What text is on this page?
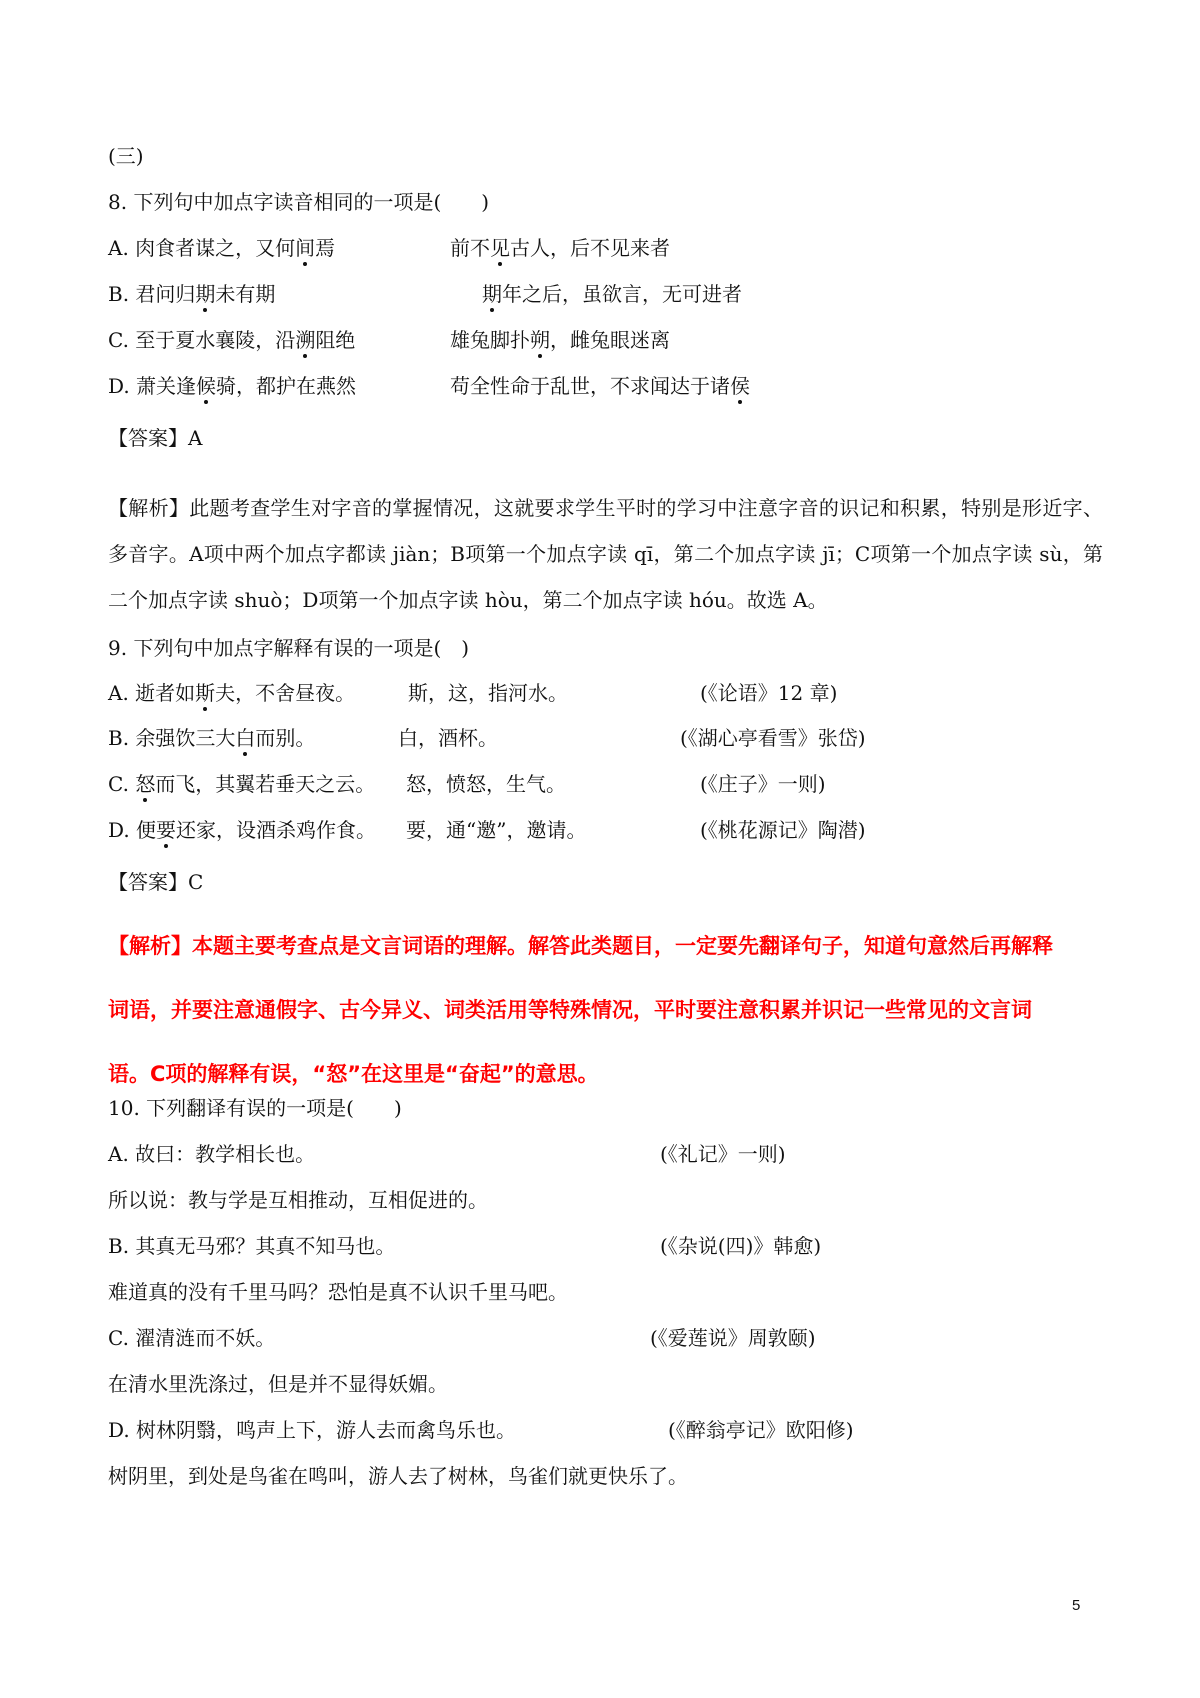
(三)
8. 下列句中加点字读音相同的一项是(　　)
A. 肉食者谋之，又何间焉	前不见古人，后不见来者
B. 君问归期未有期	期年之后，虽欲言，无可进者
C. 至于夏水襄陵，沿溯阻绝	雄兔脚扑朔，雌兔眼迷离
D. 萧关逢候骑，都护在燕然	苟全性命于乱世，不求闻达于诸侯
【答案】A
【解析】此题考查学生对字音的掌握情况，这就要求学生平时的学习中注意字音的识记和积累，特别是形近字、多音字。A项中两个加点字都读 jiàn；B项第一个加点字读 qī，第二个加点字读 jī；C项第一个加点字读 sù，第二个加点字读 shuò；D项第一个加点字读 hòu，第二个加点字读 hóu。故选 A。
9. 下列句中加点字解释有误的一项是(　)
A. 逝者如斯夫，不舍昼夜。	斯，这，指河水。	(《论语》12 章)
B. 余强饮三大白而别。	白，酒杯。	(《湖心亭看雪》张岱)
C. 怒而飞，其翼若垂天之云。 怒，愤怒，生气。	(《庄子》一则)
D. 便要还家，设酒杀鸡作食。 要，通“邀”，邀请。	(《桃花源记》陶潜)
【答案】C
【解析】本题主要考查点是文言词语的理解。解答此类题目，一定要先翻译句子，知道句意然后再解释词语，并要注意通假字、古今异义、词类活用等特殊情况，平时要注意积累并识记一些常见的文言词语。C项的解释有误，“怒”在这里是“奋起”的意思。
10. 下列翻译有误的一项是(　　)
A. 故曰：教学相长也。	(《礼记》一则)
所以说：教与学是互相推动，互相促进的。
B. 其真无马邪？其真不知马也。	(《杂说(四)》韩愈)
难道真的没有千里马吗？恐怕是真不认识千里马吧。
C. 濯清涟而不妖。	(《爱莲说》周敦颐)
在清水里洗涤过，但是并不显得妖媚。
D. 树林阴翳，鸣声上下，游人去而禽鸟乐也。	(《醉翁亭记》欧阳修)
树阴里，到处是鸟雀在鸣叫，游人去了树林，鸟雀们就更快乐了。
5
